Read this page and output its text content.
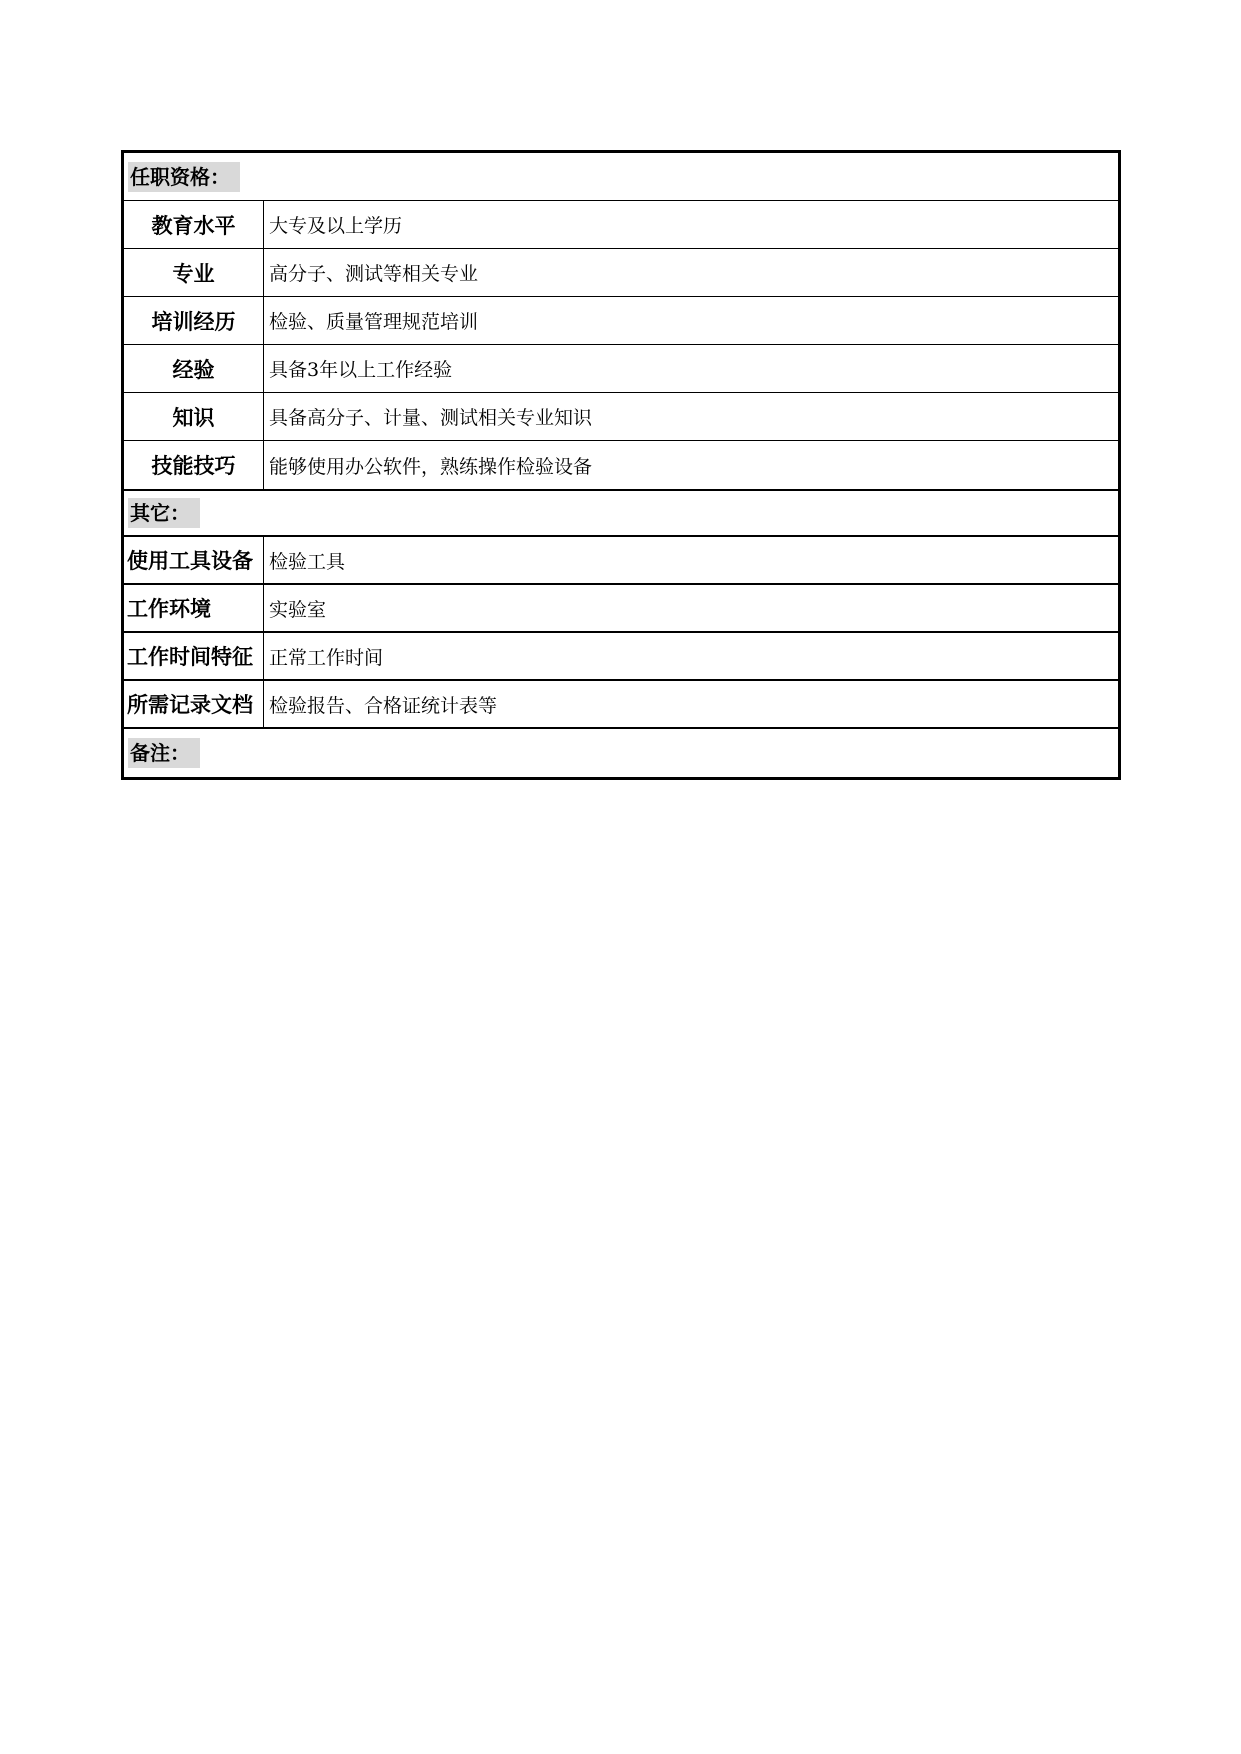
任职资格：
教育水平	大专及以上学历
专业	高分子、测试等相关专业
培训经历	检验、质量管理规范培训
经验	具备3年以上工作经验
知识	具备高分子、计量、测试相关专业知识
技能技巧	能够使用办公软件，熟练操作检验设备
其它：
使用工具设备 检验工具
工作环境	实验室
工作时间特征 正常工作时间
所需记录文档 检验报告、合格证统计表等
备注：
